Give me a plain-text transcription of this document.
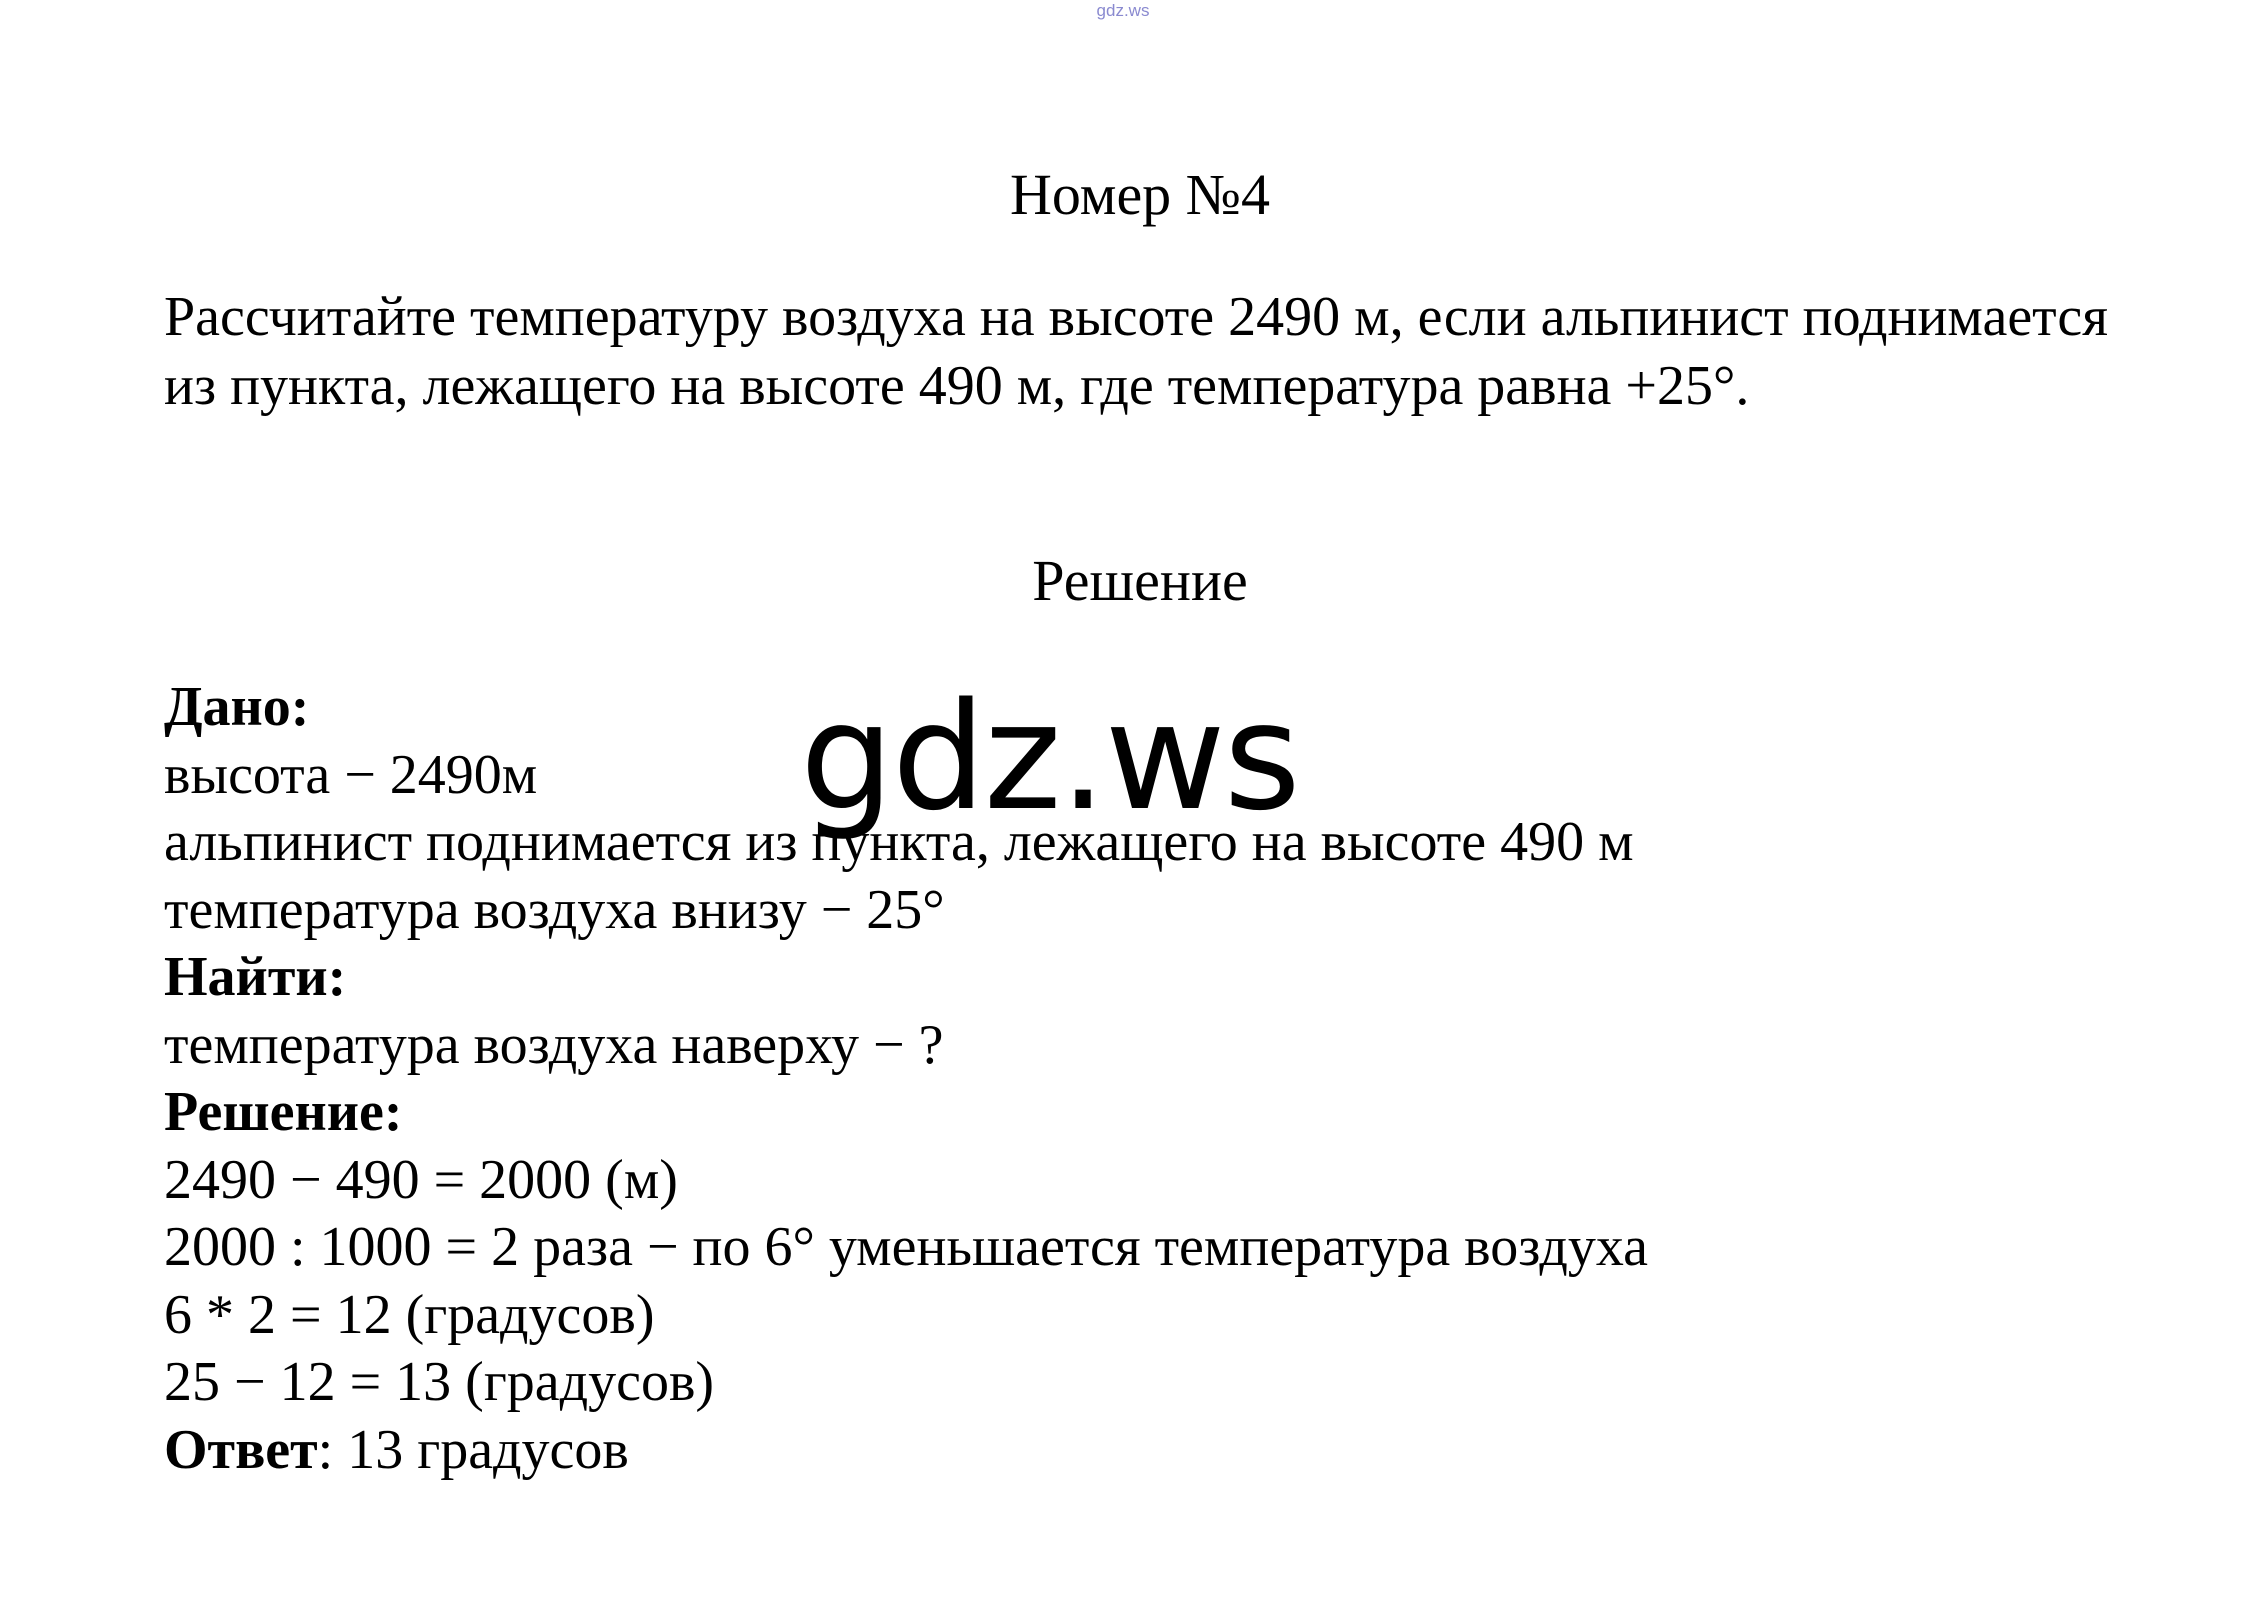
gdz.ws
Номер №4

Рассчитайте температуру воздуха на высоте 2490 м, если альпинист поднимается из пункта, лежащего на высоте 490 м, где температура равна +25°.

Решение
Дано:
высота − 2490м
альпинист поднимается из пункта, лежащего на высоте 490 м
температура воздуха внизу − 25°
Найти:
температура воздуха наверху − ?
Решение:
2490 − 490 = 2000 (м)
2000 : 1000 = 2 раза − по 6° уменьшается температура воздуха
6 * 2 = 12 (градусов)
25 − 12 = 13 (градусов)
Ответ: 13 градусов
gdz.ws
